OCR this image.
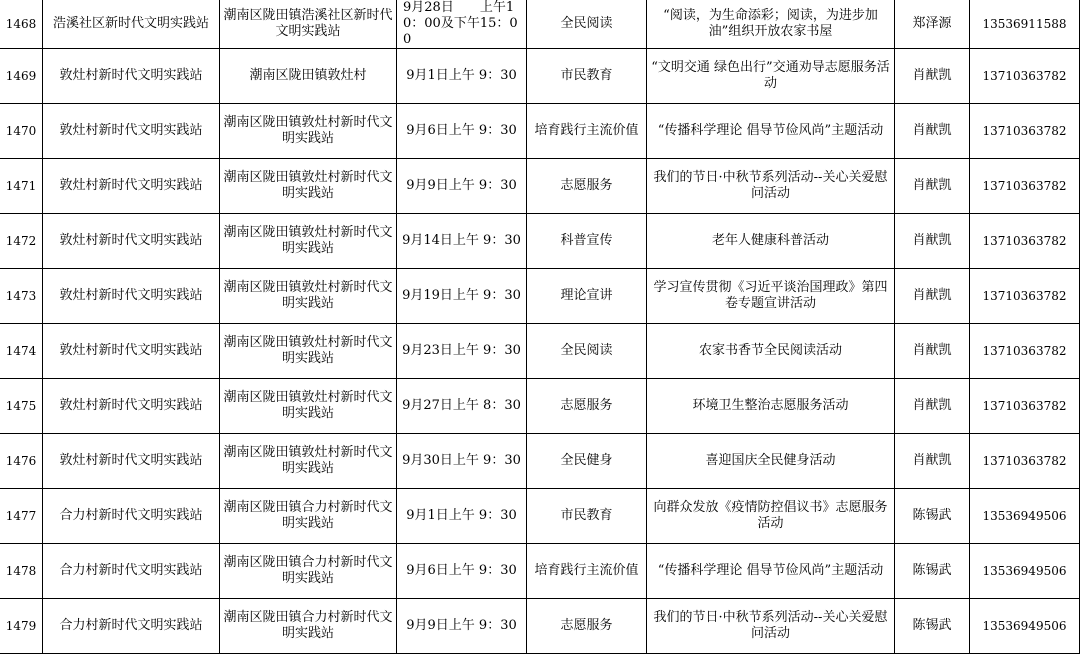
1468	浩溪社区新时代文明实践站	潮南区陇田镇浩溪社区新时代文明实践站	9月28日　　上午10：00及下午15：00	全民阅读	“阅读，为生命添彩；阅读，为进步加油”组织开放农家书屋	郑泽源	13536911588
1469	敦灶村新时代文明实践站	潮南区陇田镇敦灶村	9月1日上午 9：30	市民教育	“文明交通 绿色出行”交通劝导志愿服务活动	肖猷凯	13710363782
1470	敦灶村新时代文明实践站	潮南区陇田镇敦灶村新时代文明实践站	9月6日上午 9：30	培育践行主流价值	“传播科学理论 倡导节俭风尚”主题活动	肖猷凯	13710363782
1471	敦灶村新时代文明实践站	潮南区陇田镇敦灶村新时代文明实践站	9月9日上午 9：30	志愿服务	我们的节日·中秋节系列活动--关心关爱慰问活动	肖猷凯	13710363782
1472	敦灶村新时代文明实践站	潮南区陇田镇敦灶村新时代文明实践站	9月14日上午 9：30	科普宣传	老年人健康科普活动	肖猷凯	13710363782
1473	敦灶村新时代文明实践站	潮南区陇田镇敦灶村新时代文明实践站	9月19日上午 9：30	理论宣讲	学习宣传贯彻《习近平谈治国理政》第四卷专题宣讲活动	肖猷凯	13710363782
1474	敦灶村新时代文明实践站	潮南区陇田镇敦灶村新时代文明实践站	9月23日上午 9：30	全民阅读	农家书香节全民阅读活动	肖猷凯	13710363782
1475	敦灶村新时代文明实践站	潮南区陇田镇敦灶村新时代文明实践站	9月27日上午 8：30	志愿服务	环境卫生整治志愿服务活动	肖猷凯	13710363782
1476	敦灶村新时代文明实践站	潮南区陇田镇敦灶村新时代文明实践站	9月30日上午 9：30	全民健身	喜迎国庆全民健身活动	肖猷凯	13710363782
1477	合力村新时代文明实践站	潮南区陇田镇合力村新时代文明实践站	9月1日上午 9：30	市民教育	向群众发放《疫情防控倡议书》志愿服务活动	陈锡武	13536949506
1478	合力村新时代文明实践站	潮南区陇田镇合力村新时代文明实践站	9月6日上午 9：30	培育践行主流价值	“传播科学理论 倡导节俭风尚”主题活动	陈锡武	13536949506
1479	合力村新时代文明实践站	潮南区陇田镇合力村新时代文明实践站	9月9日上午 9：30	志愿服务	我们的节日·中秋节系列活动--关心关爱慰问活动	陈锡武	13536949506
